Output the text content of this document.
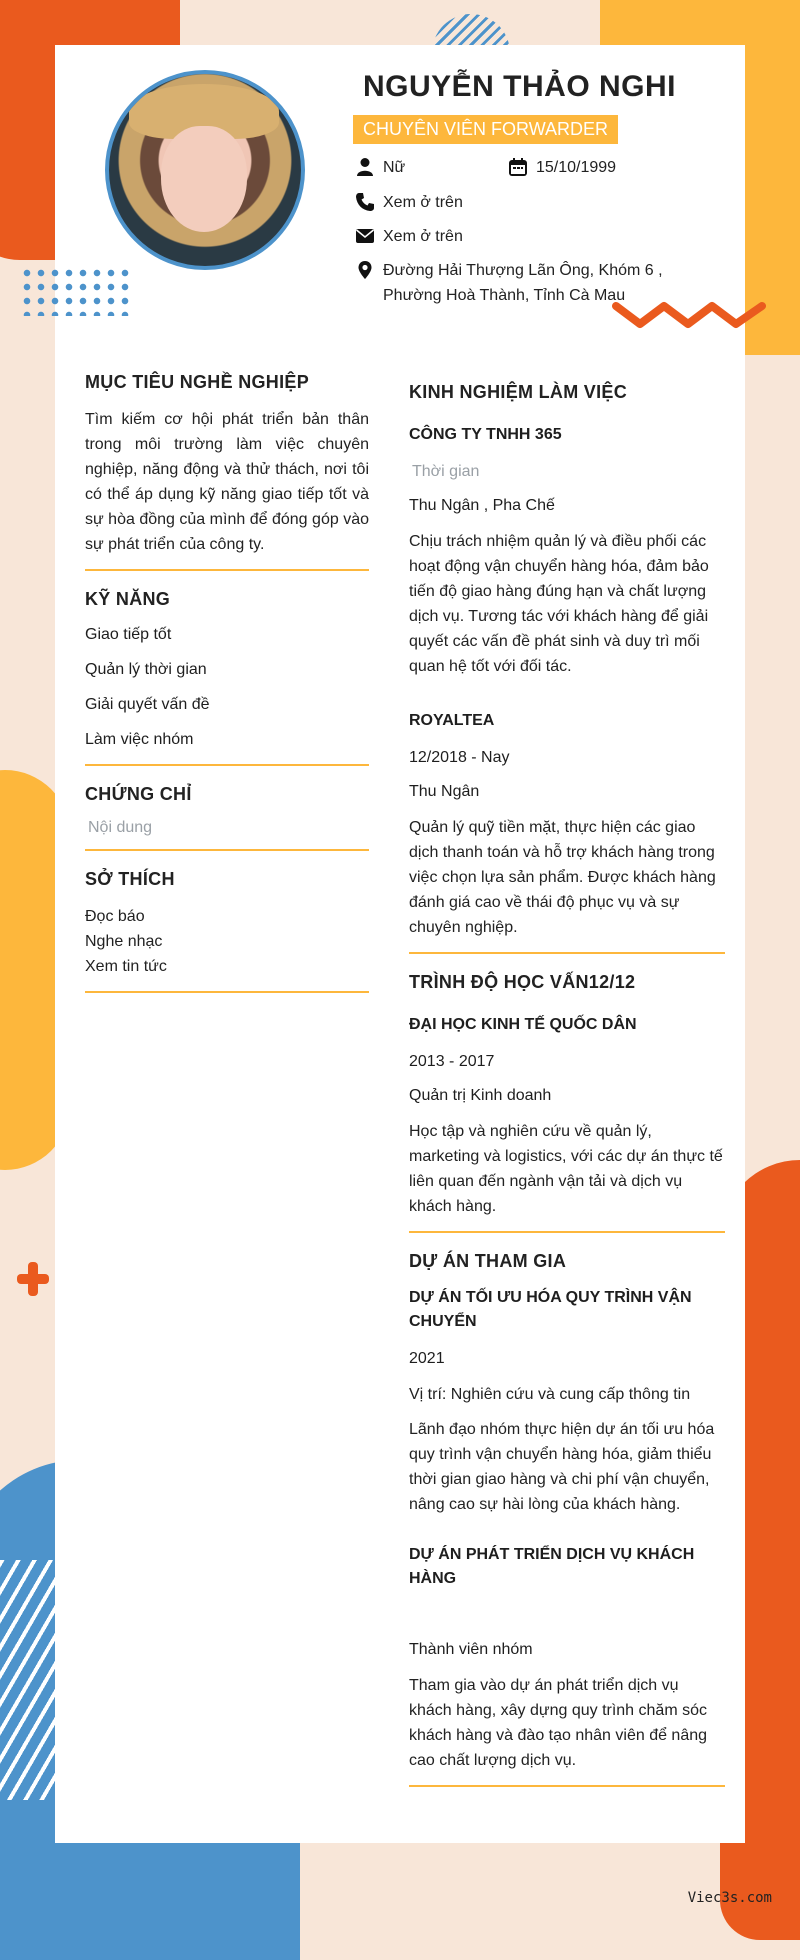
NGUYỄN THẢO NGHI
CHUYÊN VIÊN FORWARDER
Nữ	15/10/1999
Xem ở trên
Xem ở trên
Đường Hải Thượng Lãn Ông, Khóm 6 ,
Phường Hoà Thành, Tỉnh Cà Mau
MỤC TIÊU NGHỀ NGHIỆP
Tìm kiếm cơ hội phát triển bản thân trong môi trường làm việc chuyên nghiệp, năng động và thử thách, nơi tôi có thể áp dụng kỹ năng giao tiếp tốt và sự hòa đồng của mình để đóng góp vào sự phát triển của công ty.
KỸ NĂNG
Giao tiếp tốt
Quản lý thời gian
Giải quyết vấn đề
Làm việc nhóm
CHỨNG CHỈ
Nội dung
SỞ THÍCH
Đọc báo
Nghe nhạc
Xem tin tức
KINH NGHIỆM LÀM VIỆC
CÔNG TY TNHH 365
Thời gian
Thu Ngân , Pha Chế
Chịu trách nhiệm quản lý và điều phối các hoạt động vận chuyển hàng hóa, đảm bảo tiến độ giao hàng đúng hạn và chất lượng dịch vụ. Tương tác với khách hàng để giải quyết các vấn đề phát sinh và duy trì mối quan hệ tốt với đối tác.
ROYALTEA
12/2018 - Nay
Thu Ngân
Quản lý quỹ tiền mặt, thực hiện các giao dịch thanh toán và hỗ trợ khách hàng trong việc chọn lựa sản phẩm. Được khách hàng đánh giá cao về thái độ phục vụ và sự chuyên nghiệp.
TRÌNH ĐỘ HỌC VẤN12/12
ĐẠI HỌC KINH TẾ QUỐC DÂN
2013 - 2017
Quản trị Kinh doanh
Học tập và nghiên cứu về quản lý, marketing và logistics, với các dự án thực tế liên quan đến ngành vận tải và dịch vụ khách hàng.
DỰ ÁN THAM GIA
DỰ ÁN TỐI ƯU HÓA QUY TRÌNH VẬN CHUYỂN
2021
Vị trí: Nghiên cứu và cung cấp thông tin
Lãnh đạo nhóm thực hiện dự án tối ưu hóa quy trình vận chuyển hàng hóa, giảm thiểu thời gian giao hàng và chi phí vận chuyển, nâng cao sự hài lòng của khách hàng.
DỰ ÁN PHÁT TRIỂN DỊCH VỤ KHÁCH HÀNG
Thành viên nhóm
Tham gia vào dự án phát triển dịch vụ khách hàng, xây dựng quy trình chăm sóc khách hàng và đào tạo nhân viên để nâng cao chất lượng dịch vụ.
Viec3s.com
